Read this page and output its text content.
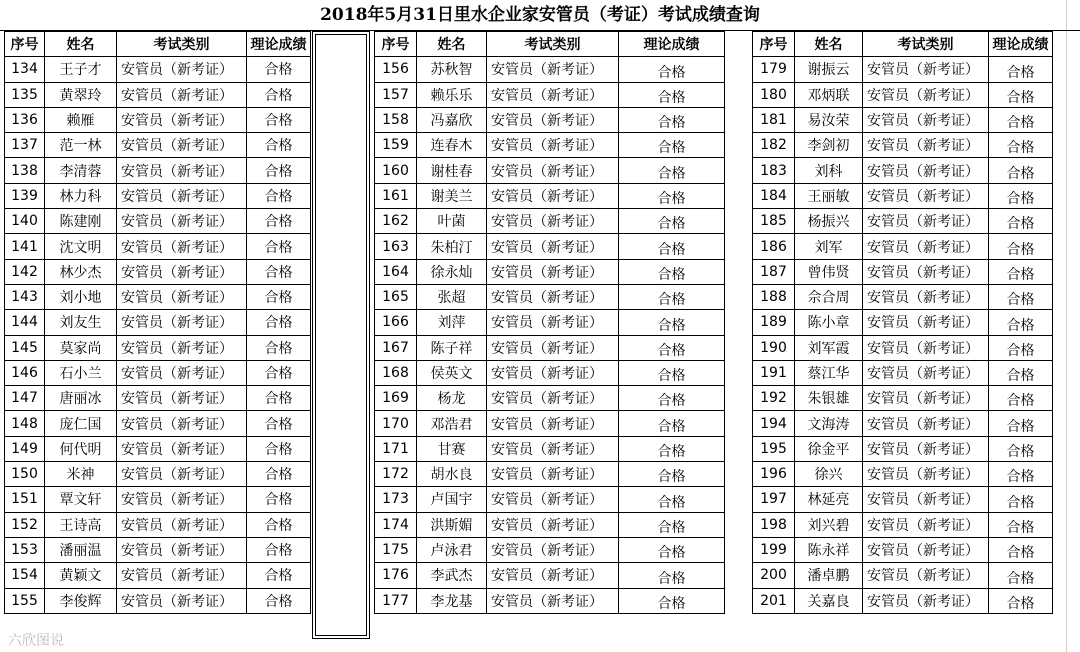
2018年5月31日里水企业家安管员（考证）考试成绩查询
序号	姓名	考试类别	理论成绩
134	王子才	安管员（新考证）	合格
135	黄翠玲	安管员（新考证）	合格
136	赖雁	安管员（新考证）	合格
137	范一林	安管员（新考证）	合格
138	李清蓉	安管员（新考证）	合格
139	林力科	安管员（新考证）	合格
140	陈建刚	安管员（新考证）	合格
141	沈文明	安管员（新考证）	合格
142	林少杰	安管员（新考证）	合格
143	刘小地	安管员（新考证）	合格
144	刘友生	安管员（新考证）	合格
145	莫家尚	安管员（新考证）	合格
146	石小兰	安管员（新考证）	合格
147	唐丽冰	安管员（新考证）	合格
148	庞仁国	安管员（新考证）	合格
149	何代明	安管员（新考证）	合格
150	米神	安管员（新考证）	合格
151	覃文轩	安管员（新考证）	合格
152	王诗高	安管员（新考证）	合格
153	潘丽温	安管员（新考证）	合格
154	黄颖文	安管员（新考证）	合格
155	李俊辉	安管员（新考证）	合格
序号	姓名	考试类别	理论成绩
156	苏秋智	安管员（新考证）	合格
157	赖乐乐	安管员（新考证）	合格
158	冯嘉欣	安管员（新考证）	合格
159	连春木	安管员（新考证）	合格
160	谢桂春	安管员（新考证）	合格
161	谢美兰	安管员（新考证）	合格
162	叶菌	安管员（新考证）	合格
163	朱柏汀	安管员（新考证）	合格
164	徐永灿	安管员（新考证）	合格
165	张超	安管员（新考证）	合格
166	刘萍	安管员（新考证）	合格
167	陈子祥	安管员（新考证）	合格
168	侯英文	安管员（新考证）	合格
169	杨龙	安管员（新考证）	合格
170	邓浩君	安管员（新考证）	合格
171	甘赛	安管员（新考证）	合格
172	胡水良	安管员（新考证）	合格
173	卢国宇	安管员（新考证）	合格
174	洪斯媚	安管员（新考证）	合格
175	卢泳君	安管员（新考证）	合格
176	李武杰	安管员（新考证）	合格
177	李龙基	安管员（新考证）	合格
序号	姓名	考试类别	理论成绩
179	谢振云	安管员（新考证）	合格
180	邓炳联	安管员（新考证）	合格
181	易汝荣	安管员（新考证）	合格
182	李剑初	安管员（新考证）	合格
183	刘科	安管员（新考证）	合格
184	王丽敏	安管员（新考证）	合格
185	杨振兴	安管员（新考证）	合格
186	刘军	安管员（新考证）	合格
187	曾伟贤	安管员（新考证）	合格
188	佘合周	安管员（新考证）	合格
189	陈小章	安管员（新考证）	合格
190	刘军霞	安管员（新考证）	合格
191	蔡江华	安管员（新考证）	合格
192	朱银雄	安管员（新考证）	合格
194	文海涛	安管员（新考证）	合格
195	徐金平	安管员（新考证）	合格
196	徐兴	安管员（新考证）	合格
197	林延亮	安管员（新考证）	合格
198	刘兴碧	安管员（新考证）	合格
199	陈永祥	安管员（新考证）	合格
200	潘卓鹏	安管员（新考证）	合格
201	关嘉良	安管员（新考证）	合格
六欣图说
